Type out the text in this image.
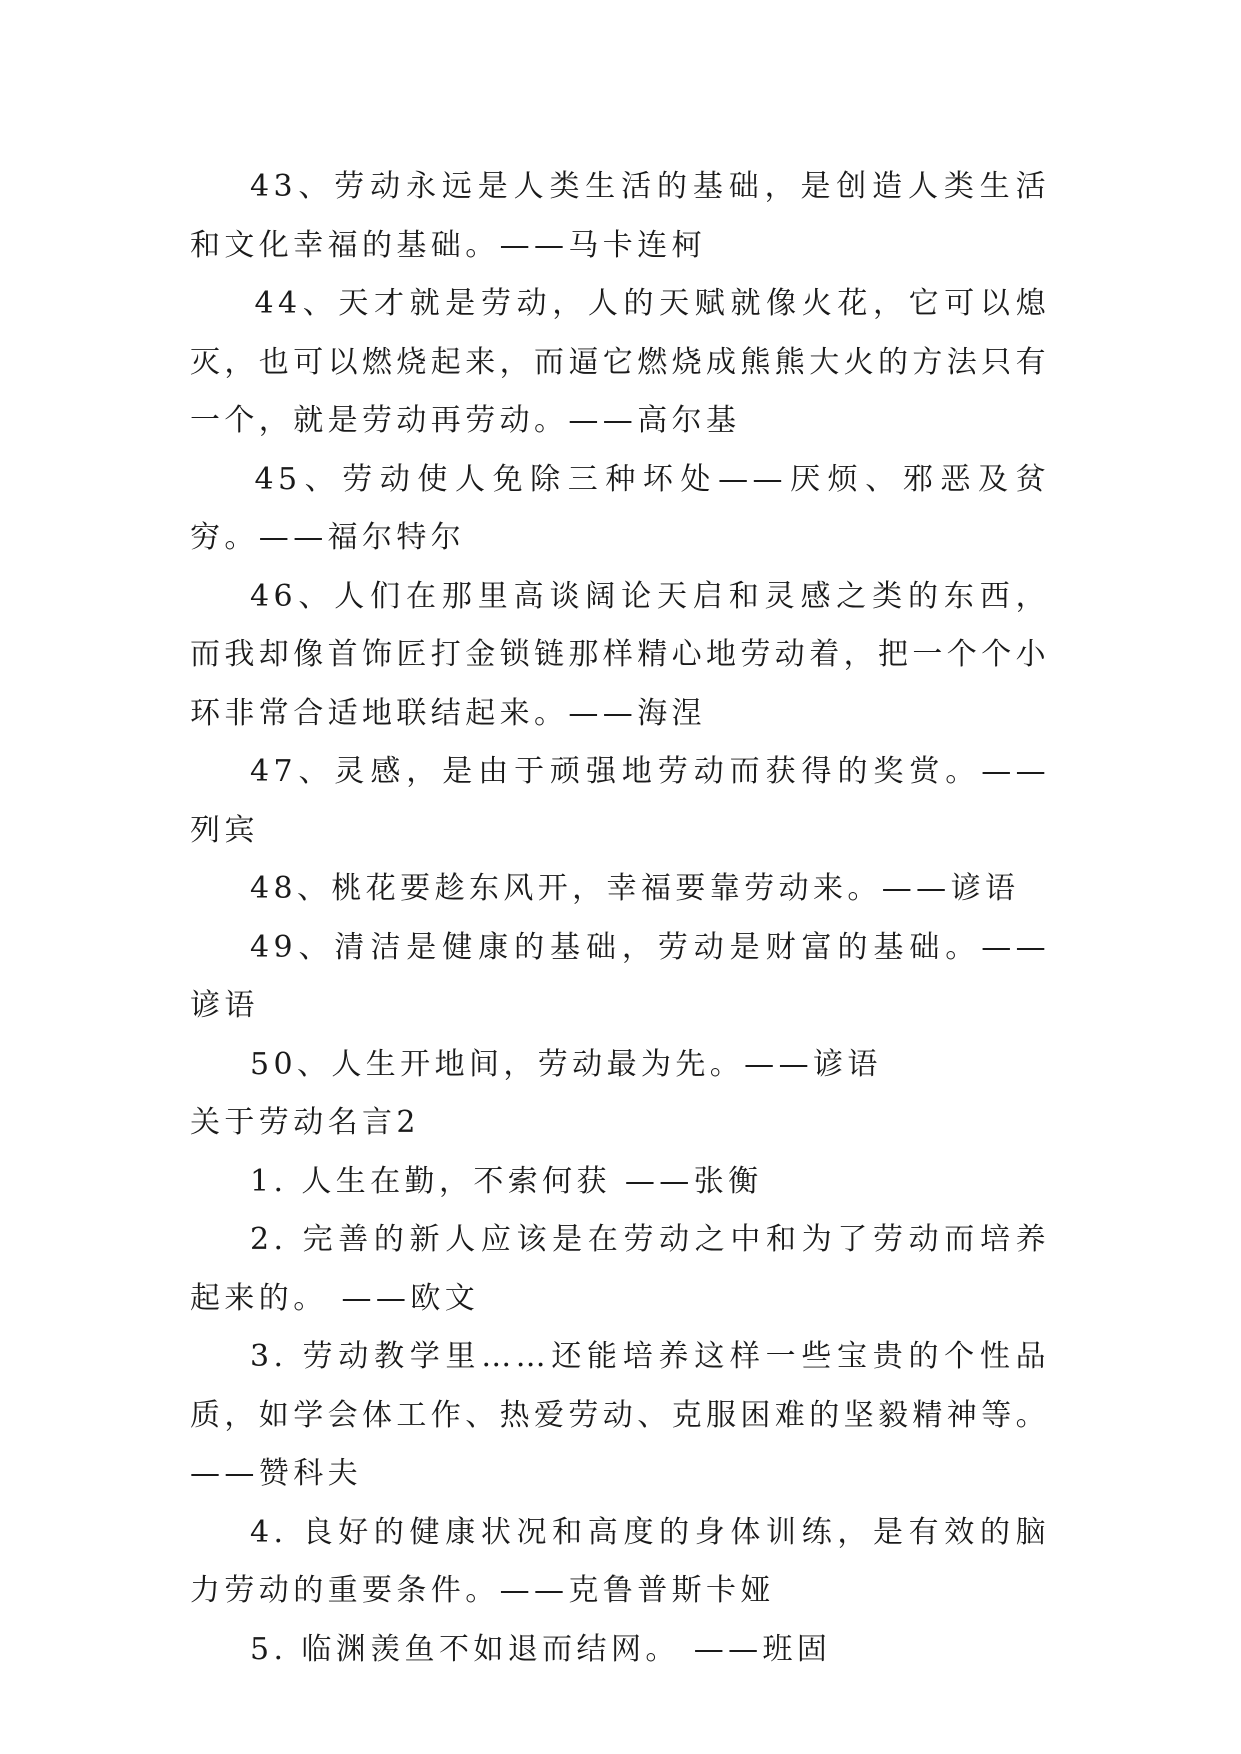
43、劳动永远是人类生活的基础，是创造人类生活和文化幸福的基础。——马卡连柯

44、天才就是劳动，人的天赋就像火花，它可以熄灭，也可以燃烧起来，而逼它燃烧成熊熊大火的方法只有一个，就是劳动再劳动。——高尔基

45、劳动使人免除三种坏处——厌烦、邪恶及贫穷。——福尔特尔

46、人们在那里高谈阔论天启和灵感之类的东西，而我却像首饰匠打金锁链那样精心地劳动着，把一个个小环非常合适地联结起来。——海涅

47、灵感，是由于顽强地劳动而获得的奖赏。——列宾

48、桃花要趁东风开，幸福要靠劳动来。——谚语

49、清洁是健康的基础，劳动是财富的基础。——谚语

50、人生开地间，劳动最为先。——谚语

关于劳动名言2

1. 人生在勤，不索何获 ——张衡

2. 完善的新人应该是在劳动之中和为了劳动而培养起来的。 ——欧文

3. 劳动教学里……还能培养这样一些宝贵的个性品质，如学会体工作、热爱劳动、克服困难的坚毅精神等。——赞科夫

4. 良好的健康状况和高度的身体训练，是有效的脑力劳动的重要条件。——克鲁普斯卡娅

5. 临渊羡鱼不如退而结网。 ——班固
